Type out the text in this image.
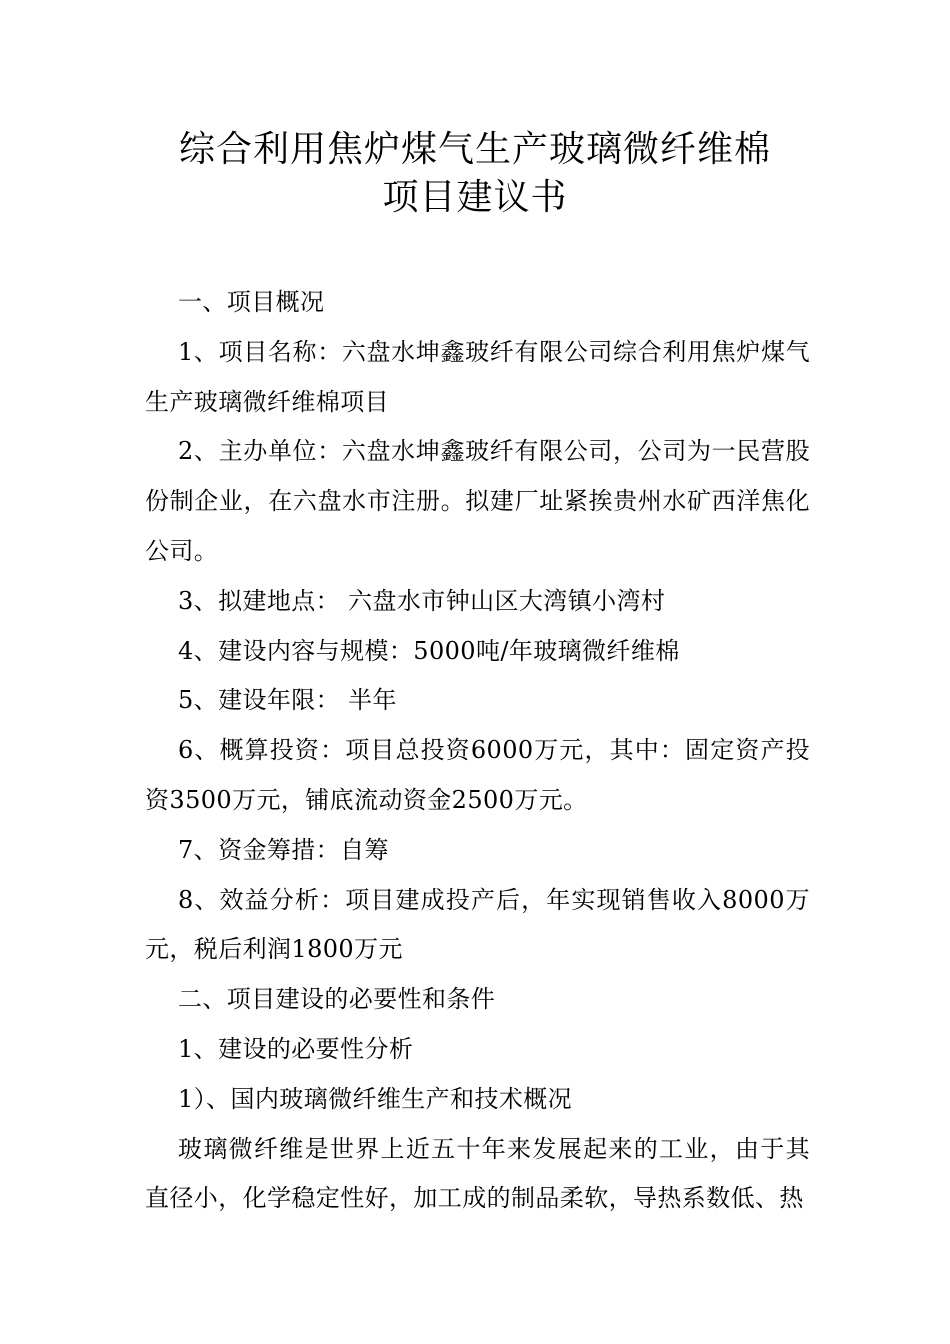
综合利用焦炉煤气生产玻璃微纤维棉
项目建议书

一、项目概况

1、项目名称：六盘水坤鑫玻纤有限公司综合利用焦炉煤气生产玻璃微纤维棉项目

2、主办单位：六盘水坤鑫玻纤有限公司，公司为一民营股份制企业，在六盘水市注册。拟建厂址紧挨贵州水矿西洋焦化公司。

3、拟建地点： 六盘水市钟山区大湾镇小湾村

4、建设内容与规模：5000吨/年玻璃微纤维棉

5、建设年限： 半年

6、概算投资：项目总投资6000万元，其中：固定资产投资3500万元，铺底流动资金2500万元。

7、资金筹措：自筹

8、效益分析：项目建成投产后，年实现销售收入8000万元，税后利润1800万元

二、项目建设的必要性和条件

1、建设的必要性分析

1）、国内玻璃微纤维生产和技术概况

玻璃微纤维是世界上近五十年来发展起来的工业，由于其直径小，化学稳定性好，加工成的制品柔软，导热系数低、热
